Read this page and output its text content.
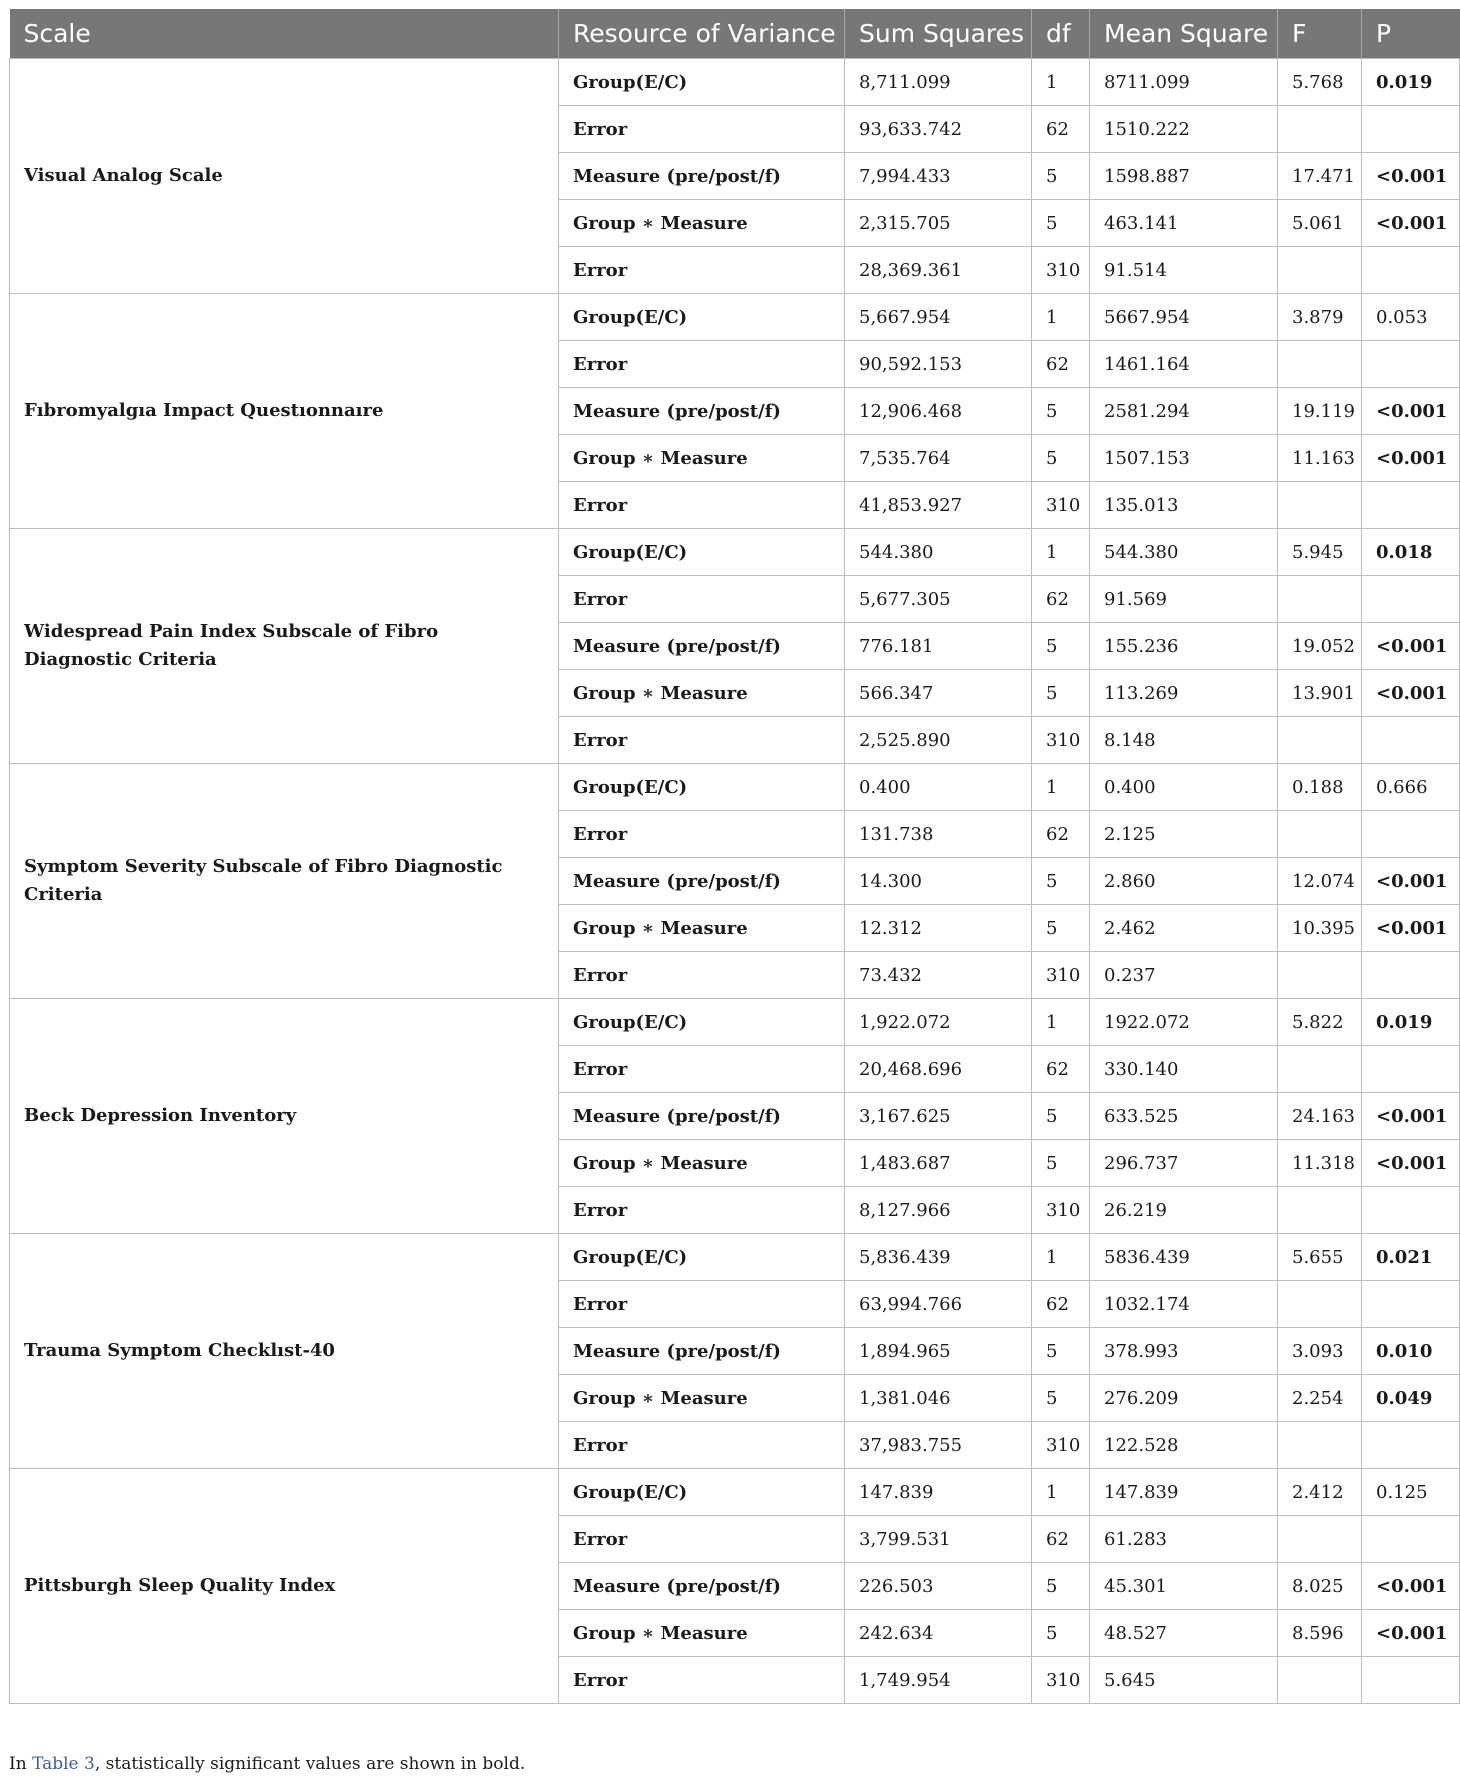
Scale	Resource of Variance	Sum Squares	df	Mean Square	F	P
Visual Analog Scale	Group(E/C)	8,711.099	1	8711.099	5.768	0.019
	Error	93,633.742	62	1510.222		
	Measure (pre/post/f)	7,994.433	5	1598.887	17.471	<0.001
	Group ∗ Measure	2,315.705	5	463.141	5.061	<0.001
	Error	28,369.361	310	91.514		
Fıbromyalgıa Impact Questıonnaıre	Group(E/C)	5,667.954	1	5667.954	3.879	0.053
	Error	90,592.153	62	1461.164		
	Measure (pre/post/f)	12,906.468	5	2581.294	19.119	<0.001
	Group ∗ Measure	7,535.764	5	1507.153	11.163	<0.001
	Error	41,853.927	310	135.013		
Widespread Pain Index Subscale of Fibro Diagnostic Criteria	Group(E/C)	544.380	1	544.380	5.945	0.018
	Error	5,677.305	62	91.569		
	Measure (pre/post/f)	776.181	5	155.236	19.052	<0.001
	Group ∗ Measure	566.347	5	113.269	13.901	<0.001
	Error	2,525.890	310	8.148		
Symptom Severity Subscale of Fibro Diagnostic Criteria	Group(E/C)	0.400	1	0.400	0.188	0.666
	Error	131.738	62	2.125		
	Measure (pre/post/f)	14.300	5	2.860	12.074	<0.001
	Group ∗ Measure	12.312	5	2.462	10.395	<0.001
	Error	73.432	310	0.237		
Beck Depression Inventory	Group(E/C)	1,922.072	1	1922.072	5.822	0.019
	Error	20,468.696	62	330.140		
	Measure (pre/post/f)	3,167.625	5	633.525	24.163	<0.001
	Group ∗ Measure	1,483.687	5	296.737	11.318	<0.001
	Error	8,127.966	310	26.219		
Trauma Symptom Checklıst-40	Group(E/C)	5,836.439	1	5836.439	5.655	0.021
	Error	63,994.766	62	1032.174		
	Measure (pre/post/f)	1,894.965	5	378.993	3.093	0.010
	Group ∗ Measure	1,381.046	5	276.209	2.254	0.049
	Error	37,983.755	310	122.528		
Pittsburgh Sleep Quality Index	Group(E/C)	147.839	1	147.839	2.412	0.125
	Error	3,799.531	62	61.283		
	Measure (pre/post/f)	226.503	5	45.301	8.025	<0.001
	Group ∗ Measure	242.634	5	48.527	8.596	<0.001
	Error	1,749.954	310	5.645		
In Table 3, statistically significant values are shown in bold.
